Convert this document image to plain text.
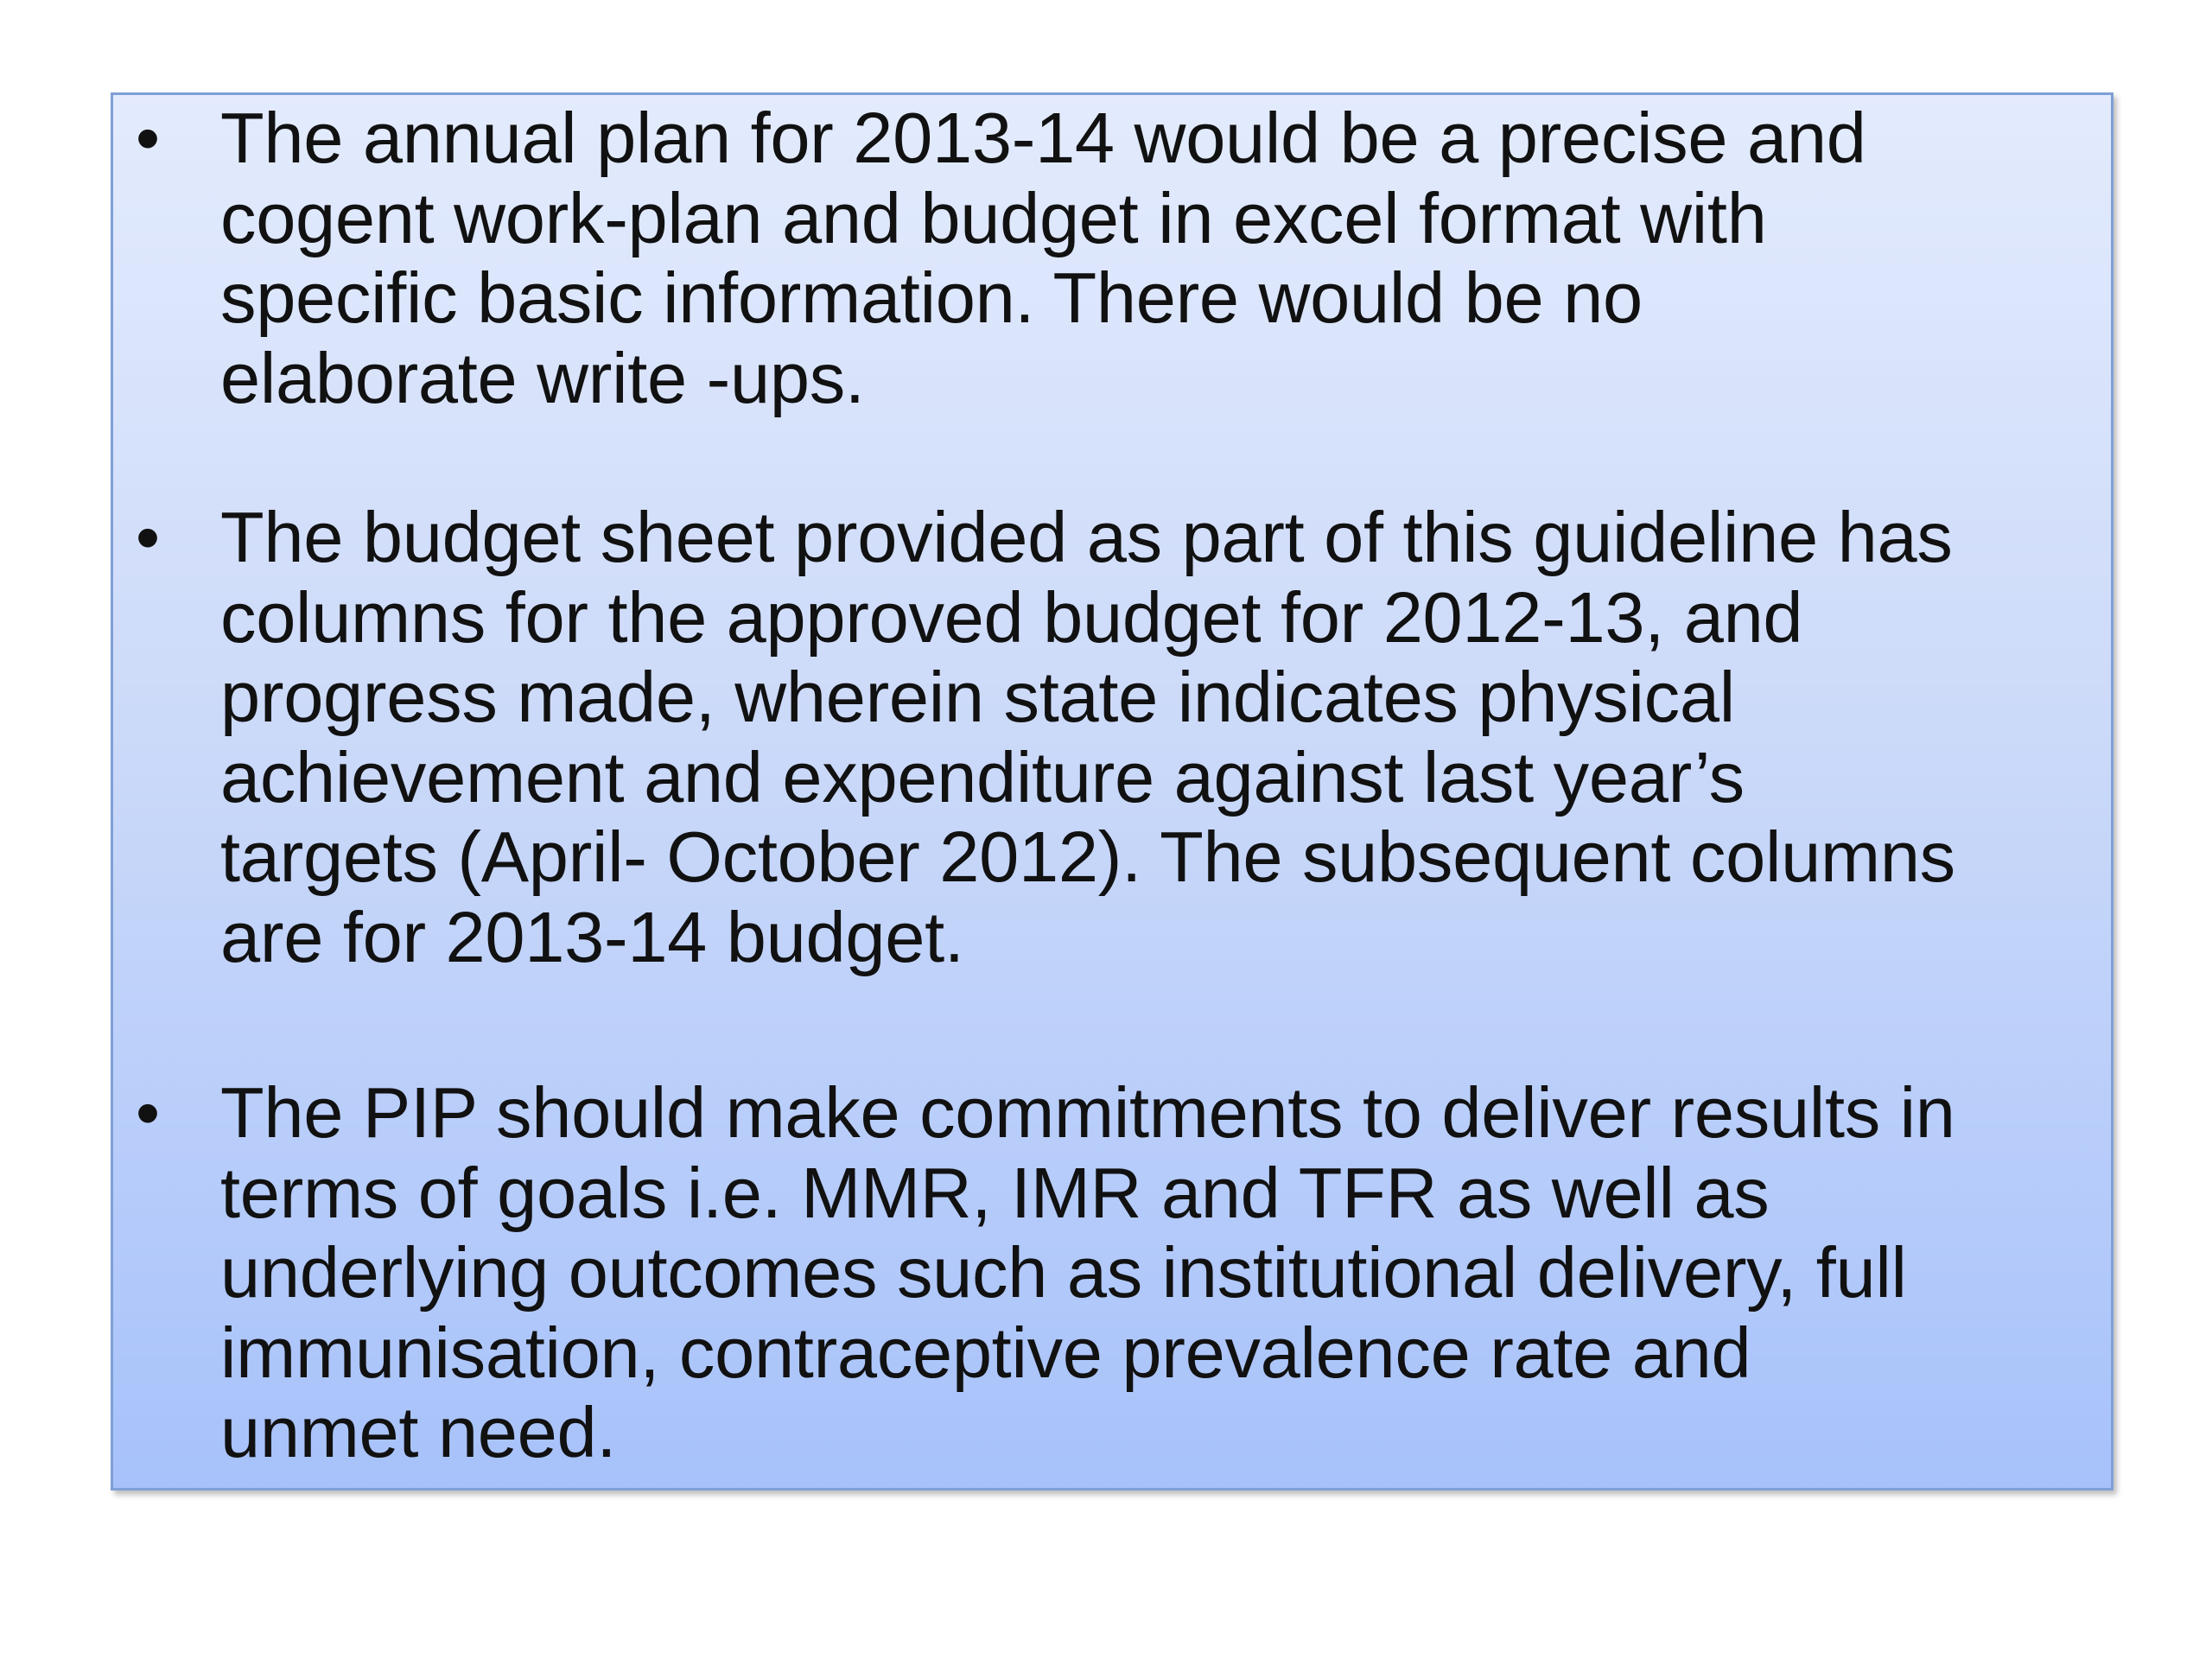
• The annual plan for 2013-14 would be a precise and
cogent work-plan and budget in excel format with
specific basic information. There would be no
elaborate write -ups.
• The budget sheet provided as part of this guideline has
columns for the approved budget for 2012-13, and
progress made, wherein state indicates physical
achievement and expenditure against last year’s
targets (April- October 2012). The subsequent columns
are for 2013-14 budget.
• The PIP should make commitments to deliver results in
terms of goals i.e. MMR, IMR and TFR as well as
underlying outcomes such as institutional delivery, full
immunisation, contraceptive prevalence rate and
unmet need.
